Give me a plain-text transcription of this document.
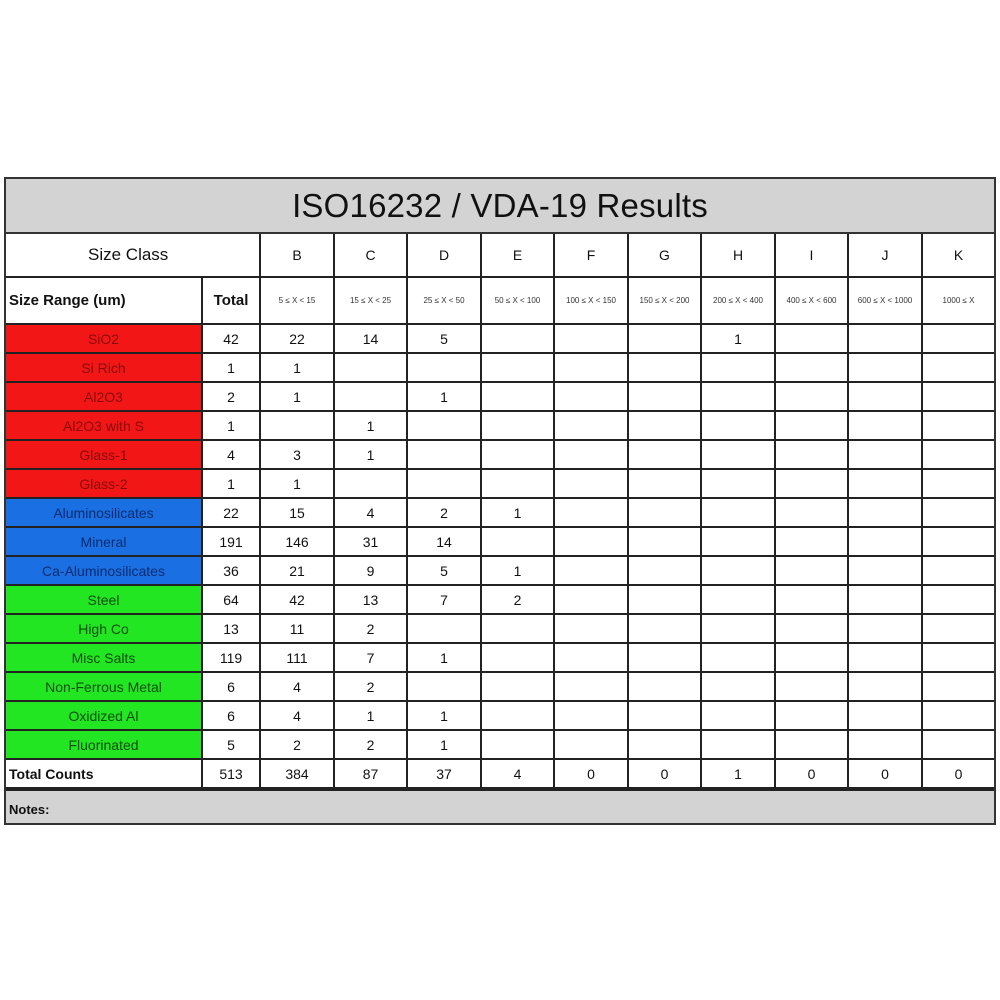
ISO16232 / VDA-19 Results
Size Class		B	C	D	E	F	G	H	I	J	K
Size Range (um)	Total	5 ≤ X < 15	15 ≤ X < 25	25 ≤ X < 50	50 ≤ X < 100	100 ≤ X < 150	150 ≤ X < 200	200 ≤ X < 400	400 ≤ X < 600	600 ≤ X < 1000	1000 ≤ X
SiO2	42	22	14	5				1			
Si Rich	1	1									
Al2O3	2	1		1							
Al2O3 with S	1		1								
Glass-1	4	3	1								
Glass-2	1	1									
Aluminosilicates	22	15	4	2	1						
Mineral	191	146	31	14							
Ca-Aluminosilicates	36	21	9	5	1						
Steel	64	42	13	7	2						
High Co	13	11	2								
Misc Salts	119	111	7	1							
Non-Ferrous Metal	6	4	2								
Oxidized Al	6	4	1	1							
Fluorinated	5	2	2	1							
Total Counts	513	384	87	37	4	0	0	1	0	0	0
Notes:
